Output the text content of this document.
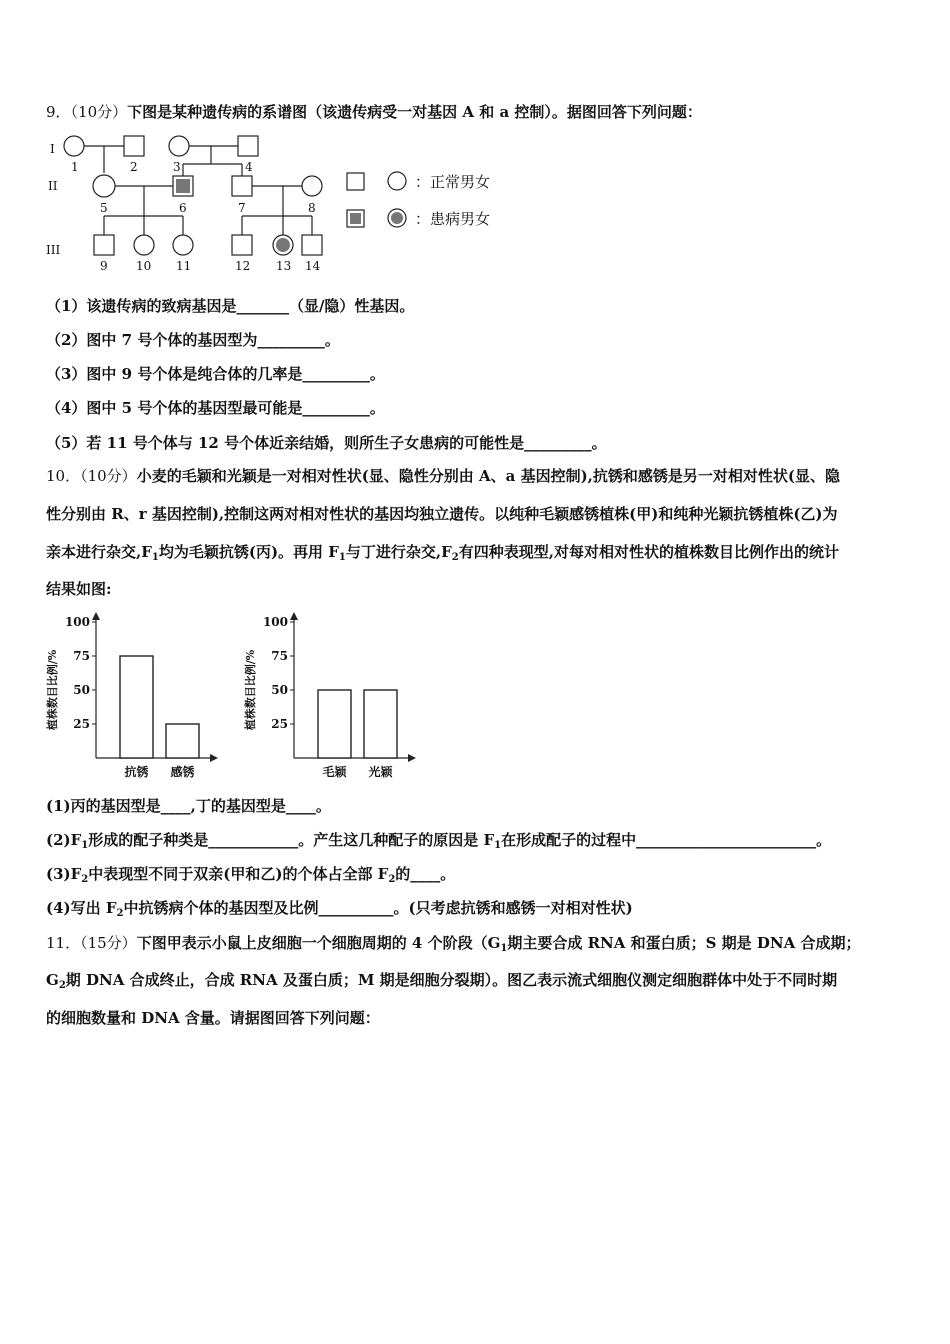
9．（10分）下图是某种遗传病的系谱图（该遗传病受一对基因 A 和 a 控制）。据图回答下列问题：
I
II
III
1	2	3	4
5	6	7	8
9 10 11	12 13 14
：正常男女
：患病男女
（1）该遗传病的致病基因是_______（显/隐）性基因。
（2）图中 7 号个体的基因型为_________。
（3）图中 9 号个体是纯合体的几率是_________。
（4）图中 5 号个体的基因型最可能是_________。
（5）若 11 号个体与 12 号个体近亲结婚，则所生子女患病的可能性是_________。
10．（10分）小麦的毛颖和光颖是一对相对性状(显、隐性分别由 A、a 基因控制),抗锈和感锈是另一对相对性状(显、隐
性分别由 R、r 基因控制),控制这两对相对性状的基因均独立遗传。以纯种毛颖感锈植株(甲)和纯种光颖抗锈植株(乙)为
亲本进行杂交$,F_1$均为毛颖抗锈(丙)。再用 $F_1$与丁进行杂交$,F_2$有四种表现型,对每对相对性状的植株数目比例作出的统计
结果如图:
100
75
50
25
植株数目比例/%
抗锈 感锈
100
75
50
25
植株数目比例/%
毛颖 光颖
(1)丙的基因型是____,丁的基因型是____。
$(2)F_1$形成的配子种类是____________。产生这几种配子的原因是 $F_1$在形成配子的过程中________________________。
$(3)F_2$中表现型不同于双亲(甲和乙)的个体占全部 $F_2$的____。
(4)写出 $F_2$中抗锈病个体的基因型及比例__________。(只考虑抗锈和感锈一对相对性状)
11．（15分）下图甲表示小鼠上皮细胞一个细胞周期的 4 个阶段（$G_1$期主要合成 RNA 和蛋白质；S 期是 DNA 合成期；
$G_2$期 DNA 合成终止，合成 RNA 及蛋白质；M 期是细胞分裂期）。图乙表示流式细胞仪测定细胞群体中处于不同时期
的细胞数量和 DNA 含量。请据图回答下列问题：
